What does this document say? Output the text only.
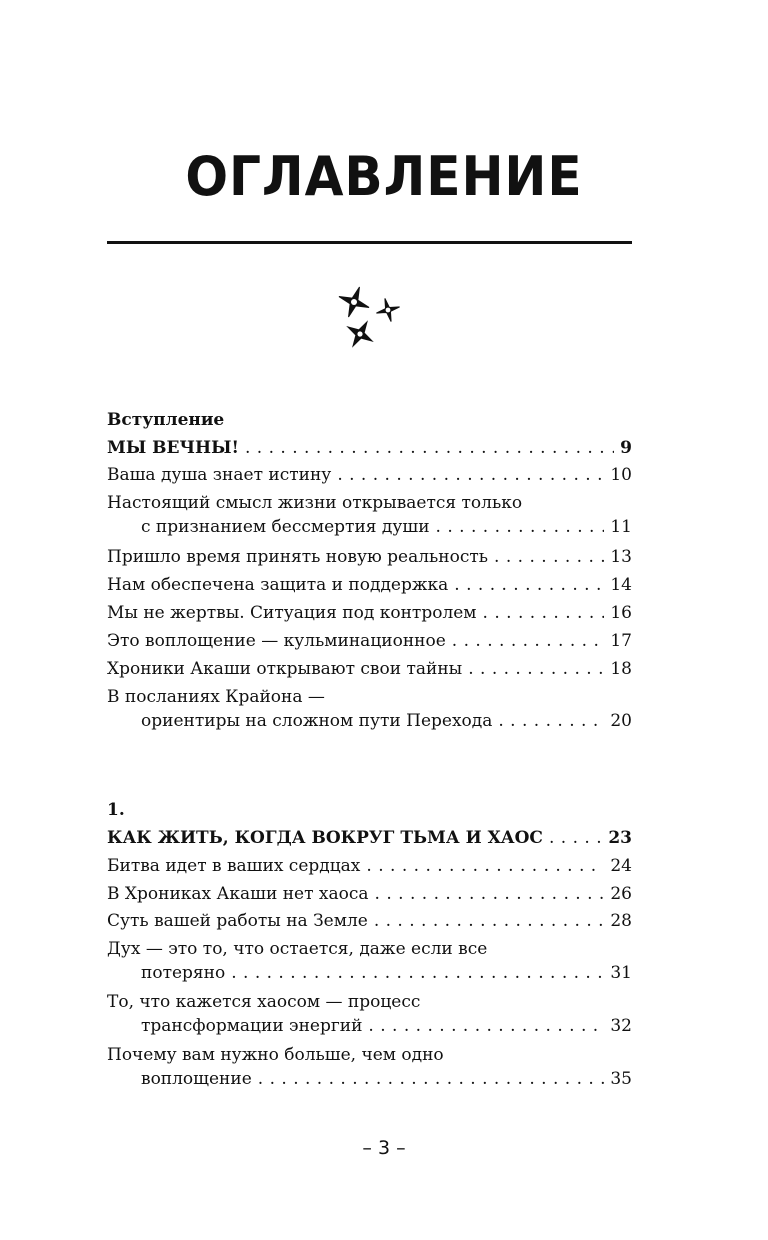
ОГЛАВЛЕНИЕ

Вступление

МЫ ВЕЧНЫ! . . .	9
Ваша душа знает истину . . .	10
Настоящий смысл жизни открывается только
с признанием бессмертия души . . .	11
Пришло время принять новую реальность . . .	13
Нам обеспечена защита и поддержка . . .	14
Мы не жертвы. Ситуация под контролем . . .	16
Это воплощение — кульминационное . . .	17
Хроники Акаши открывают свои тайны . . .	18
В посланиях Крайона —
ориентиры на сложном пути Перехода . . .	20

1.

КАК ЖИТЬ, КОГДА ВОКРУГ ТЬМА И ХАОС . . .	23
Битва идет в ваших сердцах . . .	24
В Хрониках Акаши нет хаоса . . .	26
Суть вашей работы на Земле . . .	28
Дух — это то, что остается, даже если все
потеряно . . .	31
То, что кажется хаосом — процесс
трансформации энергий . . .	32
Почему вам нужно больше, чем одно
воплощение . . .	35

– 3 –
